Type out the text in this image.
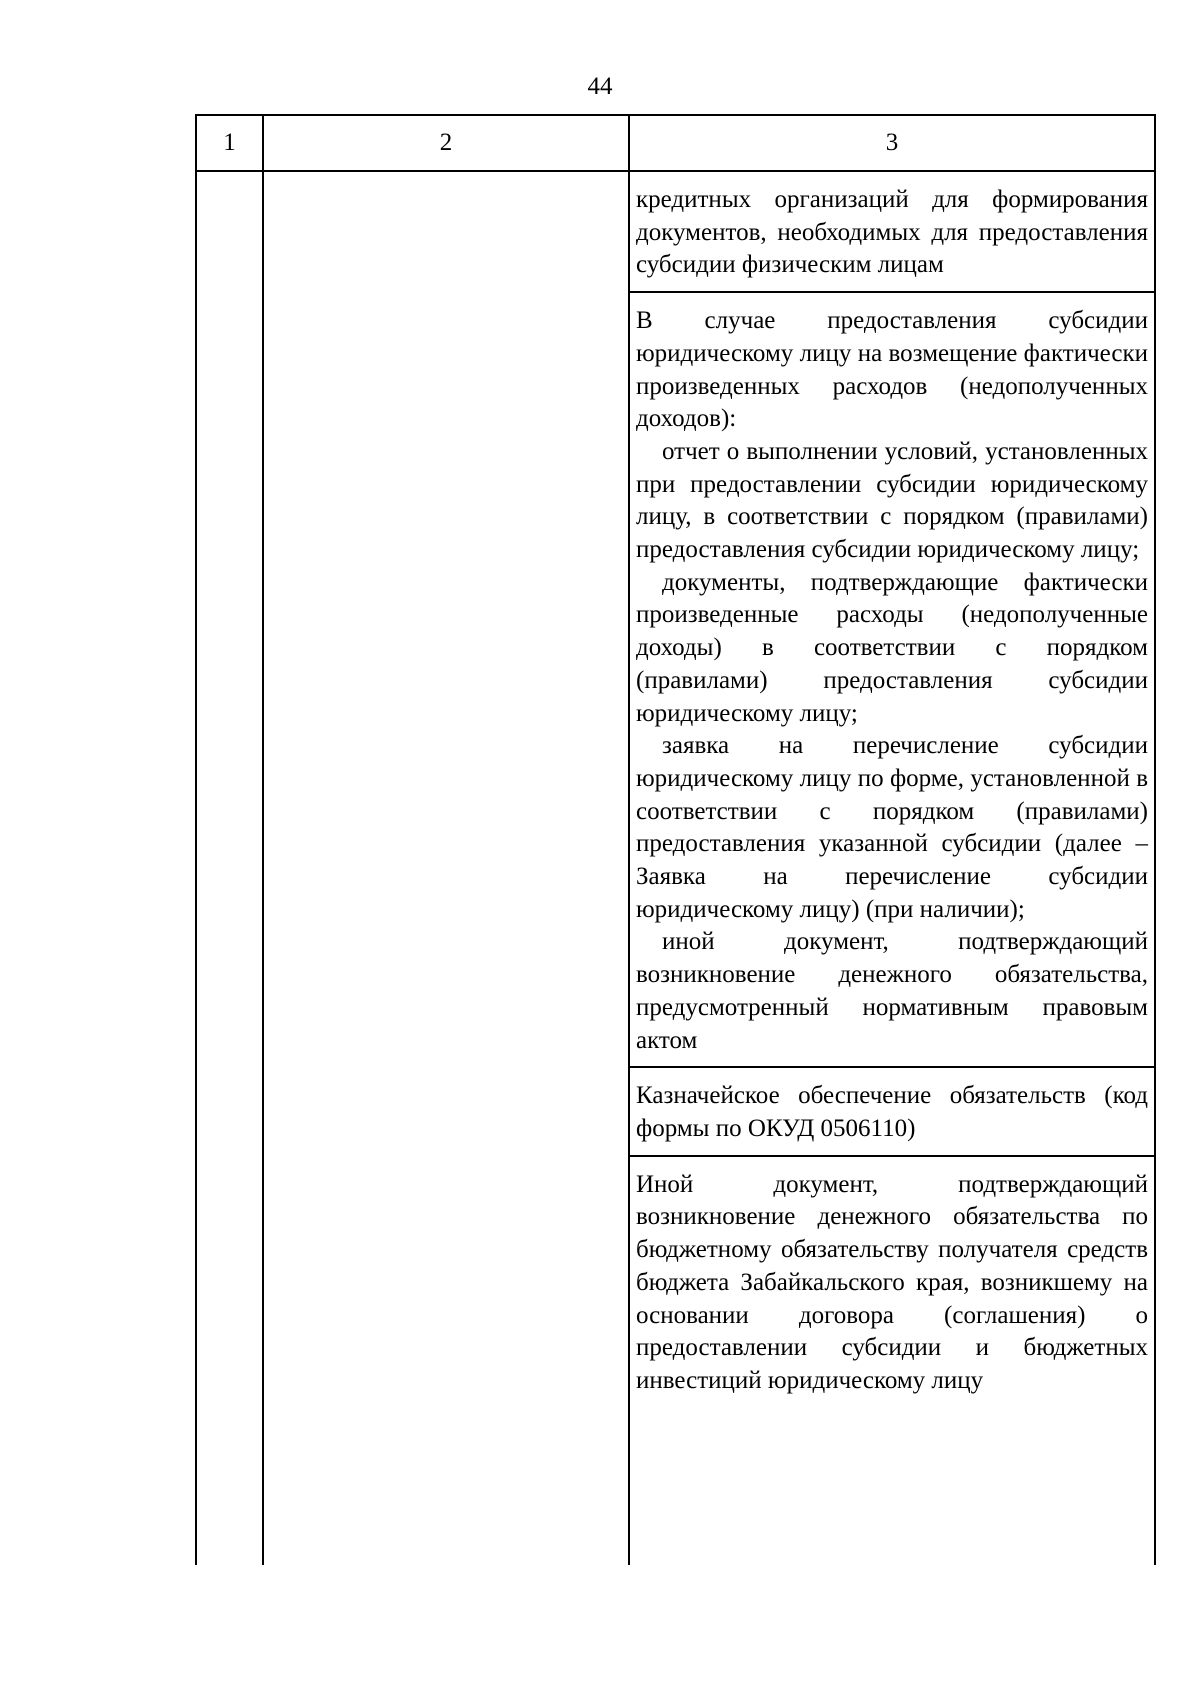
44
1	2	3

кредитных организаций для формирования документов, необходимых для предоставления субсидии физическим лицам

В случае предоставления субсидии юридическому лицу на возмещение фактически произведенных расходов (недополученных доходов):

отчет о выполнении условий, установленных при предоставлении субсидии юридическому лицу, в соответствии с порядком (правилами) предоставления субсидии юридическому лицу;

документы, подтверждающие фактически произведенные расходы (недополученные доходы) в соответствии с порядком (правилами) предоставления субсидии юридическому лицу;

заявка на перечисление субсидии юридическому лицу по форме, установленной в соответствии с порядком (правилами) предоставления указанной субсидии (далее – Заявка на перечисление субсидии юридическому лицу) (при наличии);

иной документ, подтверждающий возникновение денежного обязательства, предусмотренный нормативным правовым актом

Казначейское обеспечение обязательств (код формы по ОКУД 0506110)

Иной документ, подтверждающий возникновение денежного обязательства по бюджетному обязательству получателя средств бюджета Забайкальского края, возникшему на основании договора (соглашения) о предоставлении субсидии и бюджетных инвестиций юридическому лицу
